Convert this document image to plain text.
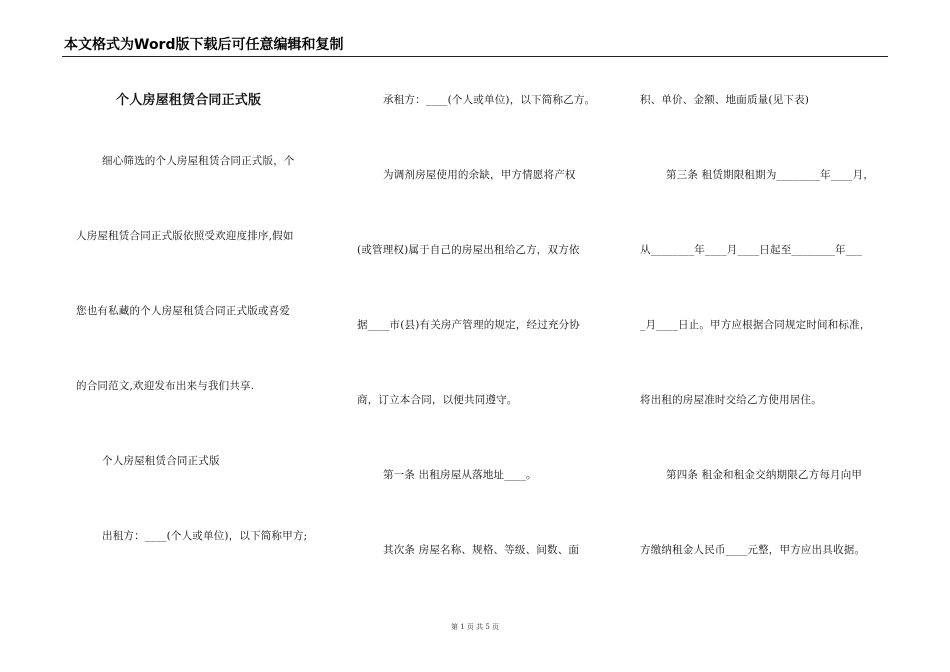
本文格式为Word版下载后可任意编辑和复制
个人房屋租赁合同正式版
细心筛选的个人房屋租赁合同正式版，个
人房屋租赁合同正式版依照受欢迎度排序,假如
您也有私藏的个人房屋租赁合同正式版或喜爱
的合同范文,欢迎发布出来与我们共享.
个人房屋租赁合同正式版
出租方：____(个人或单位)，以下简称甲方;
承租方：____(个人或单位)，以下简称乙方。
为调剂房屋使用的余缺，甲方情愿将产权
(或管理权)属于自己的房屋出租给乙方，双方依
据____市(县)有关房产管理的规定，经过充分协
商，订立本合同，以便共同遵守。
第一条 出租房屋从落地址____。
其次条 房屋名称、规格、等级、间数、面
积、单价、金额、地面质量(见下表)
第三条 租赁期限租期为________年____月，
从________年____月____日起至________年___
_月____日止。甲方应根据合同规定时间和标准，
将出租的房屋准时交给乙方使用居住。
第四条 租金和租金交纳期限乙方每月向甲
方缴纳租金人民币____元整，甲方应出具收据。
第 1 页 共 5 页
